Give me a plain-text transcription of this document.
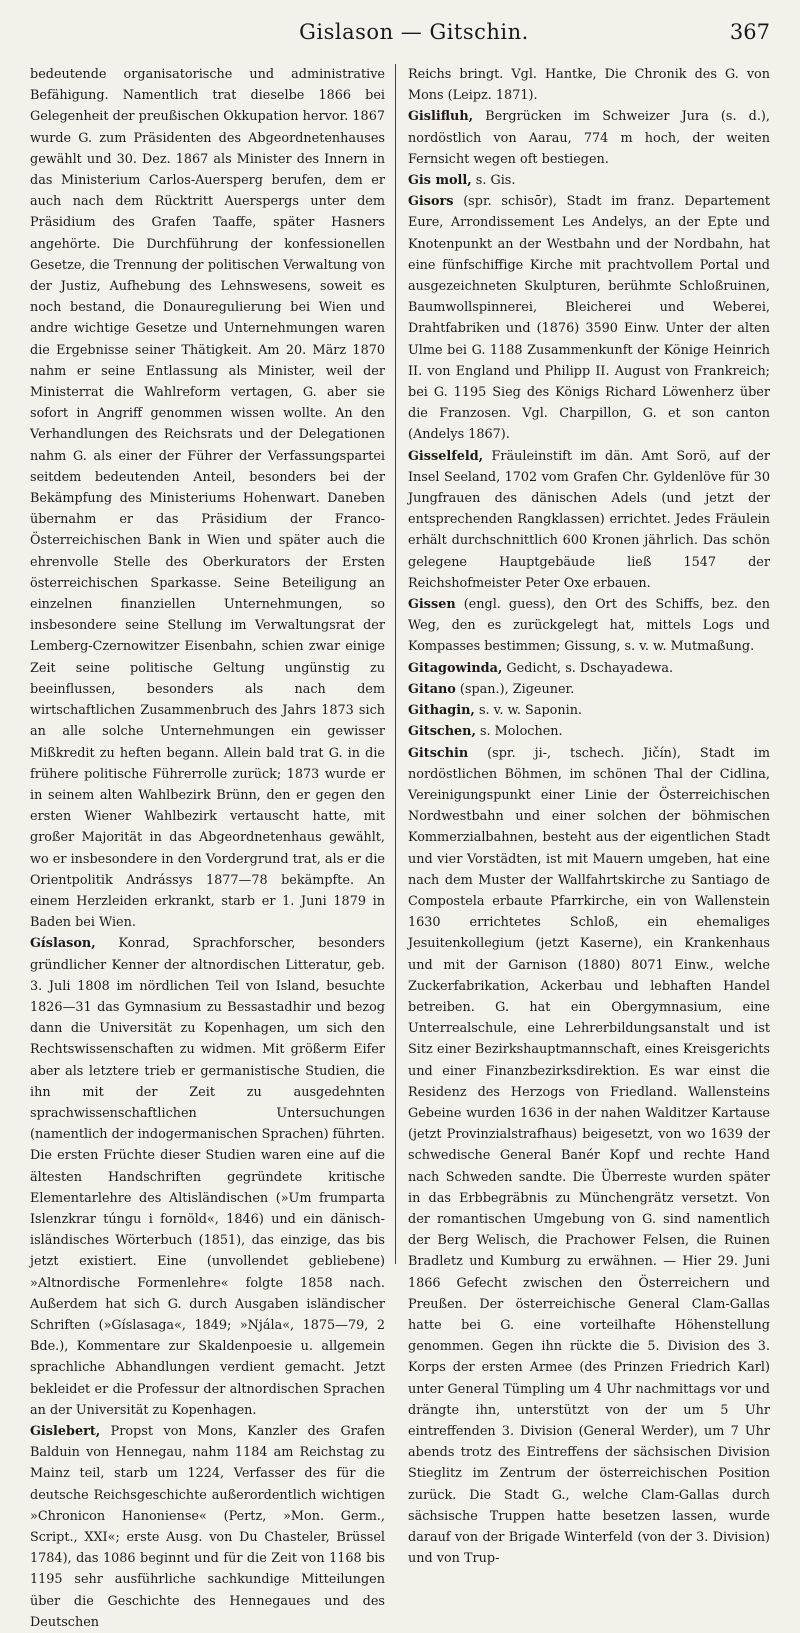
Gislason — Gitschin.	367

bedeutende organisatorische und administrative Befähigung. Namentlich trat dieselbe 1866 bei Gelegenheit der preußischen Okkupation hervor. 1867 wurde G. zum Präsidenten des Abgeordnetenhauses gewählt und 30. Dez. 1867 als Minister des Innern in das Ministerium Carlos-Auersperg berufen, dem er auch nach dem Rücktritt Auerspergs unter dem Präsidium des Grafen Taaffe, später Hasners angehörte. Die Durchführung der konfessionellen Gesetze, die Trennung der politischen Verwaltung von der Justiz, Aufhebung des Lehnswesens, soweit es noch bestand, die Donauregulierung bei Wien und andre wichtige Gesetze und Unternehmungen waren die Ergebnisse seiner Thätigkeit. Am 20. März 1870 nahm er seine Entlassung als Minister, weil der Ministerrat die Wahlreform vertagen, G. aber sie sofort in Angriff genommen wissen wollte. An den Verhandlungen des Reichsrats und der Delegationen nahm G. als einer der Führer der Verfassungspartei seitdem bedeutenden Anteil, besonders bei der Bekämpfung des Ministeriums Hohenwart. Daneben übernahm er das Präsidium der Franco-Österreichischen Bank in Wien und später auch die ehrenvolle Stelle des Oberkurators der Ersten österreichischen Sparkasse. Seine Beteiligung an einzelnen finanziellen Unternehmungen, so insbesondere seine Stellung im Verwaltungsrat der Lemberg-Czernowitzer Eisenbahn, schien zwar einige Zeit seine politische Geltung ungünstig zu beeinflussen, besonders als nach dem wirtschaftlichen Zusammenbruch des Jahrs 1873 sich an alle solche Unternehmungen ein gewisser Mißkredit zu heften begann. Allein bald trat G. in die frühere politische Führerrolle zurück; 1873 wurde er in seinem alten Wahlbezirk Brünn, den er gegen den ersten Wiener Wahlbezirk vertauscht hatte, mit großer Majorität in das Abgeordnetenhaus gewählt, wo er insbesondere in den Vordergrund trat, als er die Orientpolitik Andrássys 1877—78 bekämpfte. An einem Herzleiden erkrankt, starb er 1. Juni 1879 in Baden bei Wien.

Gíslason, Konrad, Sprachforscher, besonders gründlicher Kenner der altnordischen Litteratur, geb. 3. Juli 1808 im nördlichen Teil von Island, besuchte 1826—31 das Gymnasium zu Bessastadhir und bezog dann die Universität zu Kopenhagen, um sich den Rechtswissenschaften zu widmen. Mit größerm Eifer aber als letztere trieb er germanistische Studien, die ihn mit der Zeit zu ausgedehnten sprachwissenschaftlichen Untersuchungen (namentlich der indogermanischen Sprachen) führten. Die ersten Früchte dieser Studien waren eine auf die ältesten Handschriften gegründete kritische Elementarlehre des Altisländischen (»Um frumparta Islenzkrar túngu i fornöld«, 1846) und ein dänisch-isländisches Wörterbuch (1851), das einzige, das bis jetzt existiert. Eine (unvollendet gebliebene) »Altnordische Formenlehre« folgte 1858 nach. Außerdem hat sich G. durch Ausgaben isländischer Schriften (»Gíslasaga«, 1849; »Njála«, 1875—79, 2 Bde.), Kommentare zur Skaldenpoesie u. allgemein sprachliche Abhandlungen verdient gemacht. Jetzt bekleidet er die Professur der altnordischen Sprachen an der Universität zu Kopenhagen.

Gislebert, Propst von Mons, Kanzler des Grafen Balduin von Hennegau, nahm 1184 am Reichstag zu Mainz teil, starb um 1224, Verfasser des für die deutsche Reichsgeschichte außerordentlich wichtigen »Chronicon Hanoniense« (Pertz, »Mon. Germ., Script., XXI«; erste Ausg. von Du Chasteler, Brüssel 1784), das 1086 beginnt und für die Zeit von 1168 bis 1195 sehr ausführliche sachkundige Mitteilungen über die Geschichte des Hennegaues und des Deutschen

Reichs bringt. Vgl. Hantke, Die Chronik des G. von Mons (Leipz. 1871).

Gislifluh, Bergrücken im Schweizer Jura (s. d.), nordöstlich von Aarau, 774 m hoch, der weiten Fernsicht wegen oft bestiegen.

Gis moll, s. Gis.

Gisors (spr. schisōr), Stadt im franz. Departement Eure, Arrondissement Les Andelys, an der Epte und Knotenpunkt an der Westbahn und der Nordbahn, hat eine fünfschiffige Kirche mit prachtvollem Portal und ausgezeichneten Skulpturen, berühmte Schloßruinen, Baumwollspinnerei, Bleicherei und Weberei, Drahtfabriken und (1876) 3590 Einw. Unter der alten Ulme bei G. 1188 Zusammenkunft der Könige Heinrich II. von England und Philipp II. August von Frankreich; bei G. 1195 Sieg des Königs Richard Löwenherz über die Franzosen. Vgl. Charpillon, G. et son canton (Andelys 1867).

Gisselfeld, Fräuleinstift im dän. Amt Sorö, auf der Insel Seeland, 1702 vom Grafen Chr. Gyldenlöve für 30 Jungfrauen des dänischen Adels (und jetzt der entsprechenden Rangklassen) errichtet. Jedes Fräulein erhält durchschnittlich 600 Kronen jährlich. Das schön gelegene Hauptgebäude ließ 1547 der Reichshofmeister Peter Oxe erbauen.

Gissen (engl. guess), den Ort des Schiffs, bez. den Weg, den es zurückgelegt hat, mittels Logs und Kompasses bestimmen; Gissung, s. v. w. Mutmaßung.

Gitagowinda, Gedicht, s. Dschayadewa.

Gitano (span.), Zigeuner.

Githagin, s. v. w. Saponin.

Gitschen, s. Molochen.

Gitschin (spr. ji-, tschech. Jičín), Stadt im nordöstlichen Böhmen, im schönen Thal der Cidlina, Vereinigungspunkt einer Linie der Österreichischen Nordwestbahn und einer solchen der böhmischen Kommerzialbahnen, besteht aus der eigentlichen Stadt und vier Vorstädten, ist mit Mauern umgeben, hat eine nach dem Muster der Wallfahrtskirche zu Santiago de Compostela erbaute Pfarrkirche, ein von Wallenstein 1630 errichtetes Schloß, ein ehemaliges Jesuitenkollegium (jetzt Kaserne), ein Krankenhaus und mit der Garnison (1880) 8071 Einw., welche Zuckerfabrikation, Ackerbau und lebhaften Handel betreiben. G. hat ein Obergymnasium, eine Unterrealschule, eine Lehrerbildungsanstalt und ist Sitz einer Bezirkshauptmannschaft, eines Kreisgerichts und einer Finanzbezirksdirektion. Es war einst die Residenz des Herzogs von Friedland. Wallensteins Gebeine wurden 1636 in der nahen Walditzer Kartause (jetzt Provinzialstrafhaus) beigesetzt, von wo 1639 der schwedische General Banér Kopf und rechte Hand nach Schweden sandte. Die Überreste wurden später in das Erbbegräbnis zu Münchengrätz versetzt. Von der romantischen Umgebung von G. sind namentlich der Berg Welisch, die Prachower Felsen, die Ruinen Bradletz und Kumburg zu erwähnen. — Hier 29. Juni 1866 Gefecht zwischen den Österreichern und Preußen. Der österreichische General Clam-Gallas hatte bei G. eine vorteilhafte Höhenstellung genommen. Gegen ihn rückte die 5. Division des 3. Korps der ersten Armee (des Prinzen Friedrich Karl) unter General Tümpling um 4 Uhr nachmittags vor und drängte ihn, unterstützt von der um 5 Uhr eintreffenden 3. Division (General Werder), um 7 Uhr abends trotz des Eintreffens der sächsischen Division Stieglitz im Zentrum der österreichischen Position zurück. Die Stadt G., welche Clam-Gallas durch sächsische Truppen hatte besetzen lassen, wurde darauf von der Brigade Winterfeld (von der 3. Division) und von Trup-
